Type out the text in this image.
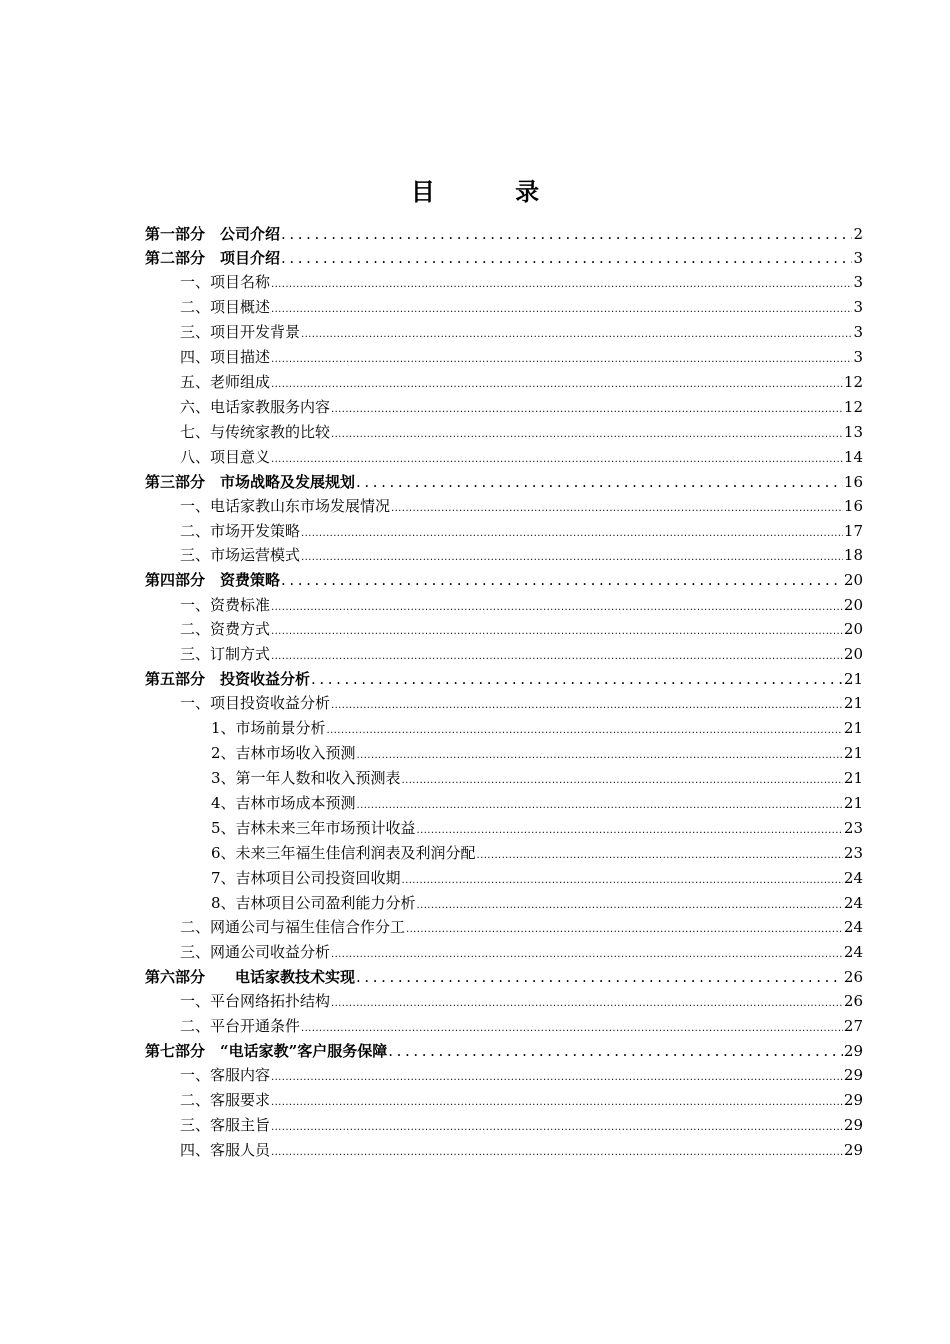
目 录
第一部分　公司介绍 .....	2
第二部分　项目介绍 .....	3
一、项目名称 .....	3
二、项目概述 .....	3
三、项目开发背景 .....	3
四、项目描述 .....	3
五、老师组成 .....	12
六、电话家教服务内容 .....	12
七、与传统家教的比较 .....	13
八、项目意义 .....	14
第三部分　市场战略及发展规划 .....	16
一、电话家教山东市场发展情况 .....	16
二、市场开发策略 .....	17
三、市场运营模式 .....	18
第四部分　资费策略 .....	20
一、资费标准 .....	20
二、资费方式 .....	20
三、订制方式 .....	20
第五部分　投资收益分析 .....	21
一、项目投资收益分析 .....	21
1、市场前景分析 .....	21
2、吉林市场收入预测 .....	21
3、第一年人数和收入预测表 .....	21
4、吉林市场成本预测 .....	21
5、吉林未来三年市场预计收益 .....	23
6、未来三年福生佳信利润表及利润分配 .....	23
7、吉林项目公司投资回收期 .....	24
8、吉林项目公司盈利能力分析 .....	24
二、网通公司与福生佳信合作分工 .....	24
三、网通公司收益分析 .....	24
第六部分　　电话家教技术实现 .....	26
一、平台网络拓扑结构 .....	26
二、平台开通条件 .....	27
第七部分　“电话家教”客户服务保障 .....	29
一、客服内容 .....	29
二、客服要求 .....	29
三、客服主旨 .....	29
四、客服人员 .....	29
